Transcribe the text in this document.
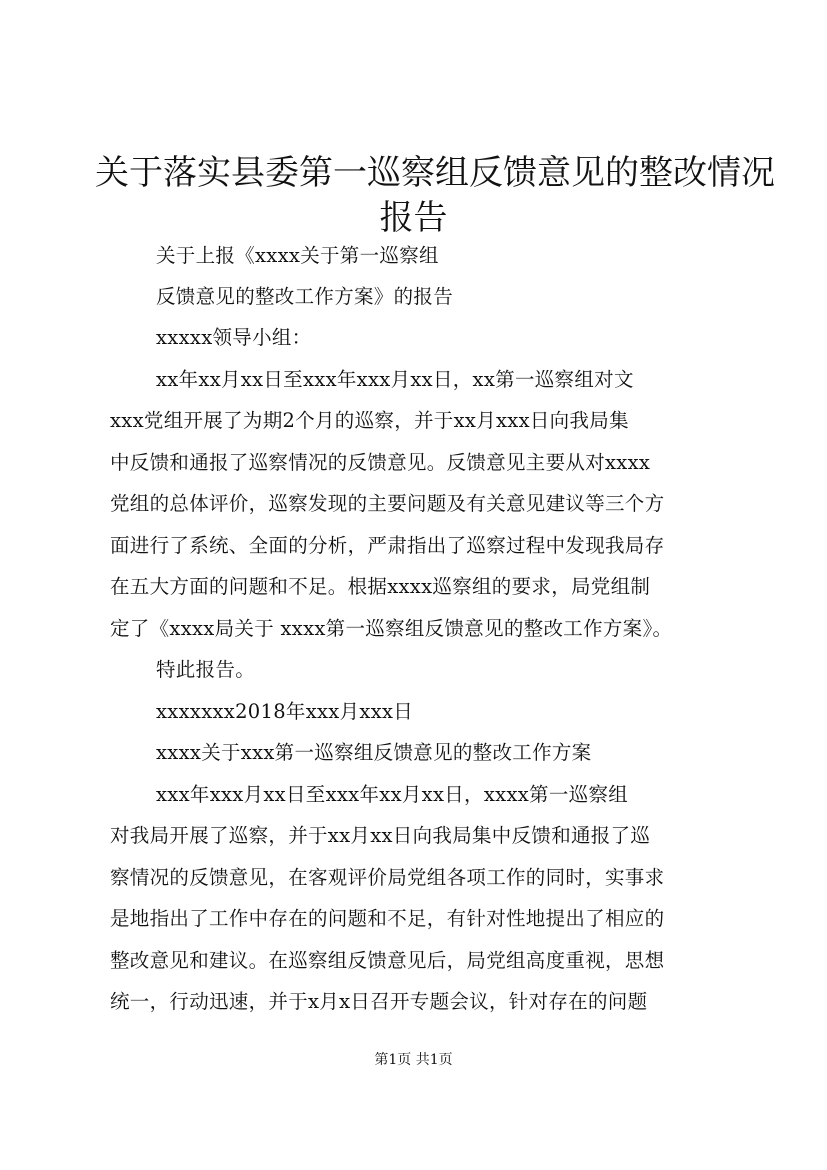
关于落实县委第一巡察组反馈意见的整改情况
报告
关于上报《xxxx关于第一巡察组
反馈意见的整改工作方案》的报告
xxxxx领导小组：
xx年xx月xx日至xxx年xxx月xx日，xx第一巡察组对文
xxx党组开展了为期2个月的巡察，并于xx月xxx日向我局集
中反馈和通报了巡察情况的反馈意见。反馈意见主要从对xxxx
党组的总体评价，巡察发现的主要问题及有关意见建议等三个方
面进行了系统、全面的分析，严肃指出了巡察过程中发现我局存
在五大方面的问题和不足。根据xxxx巡察组的要求，局党组制
定了《xxxx局关于 xxxx第一巡察组反馈意见的整改工作方案》。
特此报告。
xxxxxxx2018年xxx月xxx日
xxxx关于xxx第一巡察组反馈意见的整改工作方案
xxx年xxx月xx日至xxx年xx月xx日，xxxx第一巡察组
对我局开展了巡察，并于xx月xx日向我局集中反馈和通报了巡
察情况的反馈意见，在客观评价局党组各项工作的同时，实事求
是地指出了工作中存在的问题和不足，有针对性地提出了相应的
整改意见和建议。在巡察组反馈意见后，局党组高度重视，思想
统一，行动迅速，并于x月x日召开专题会议，针对存在的问题
第1页 共1页
